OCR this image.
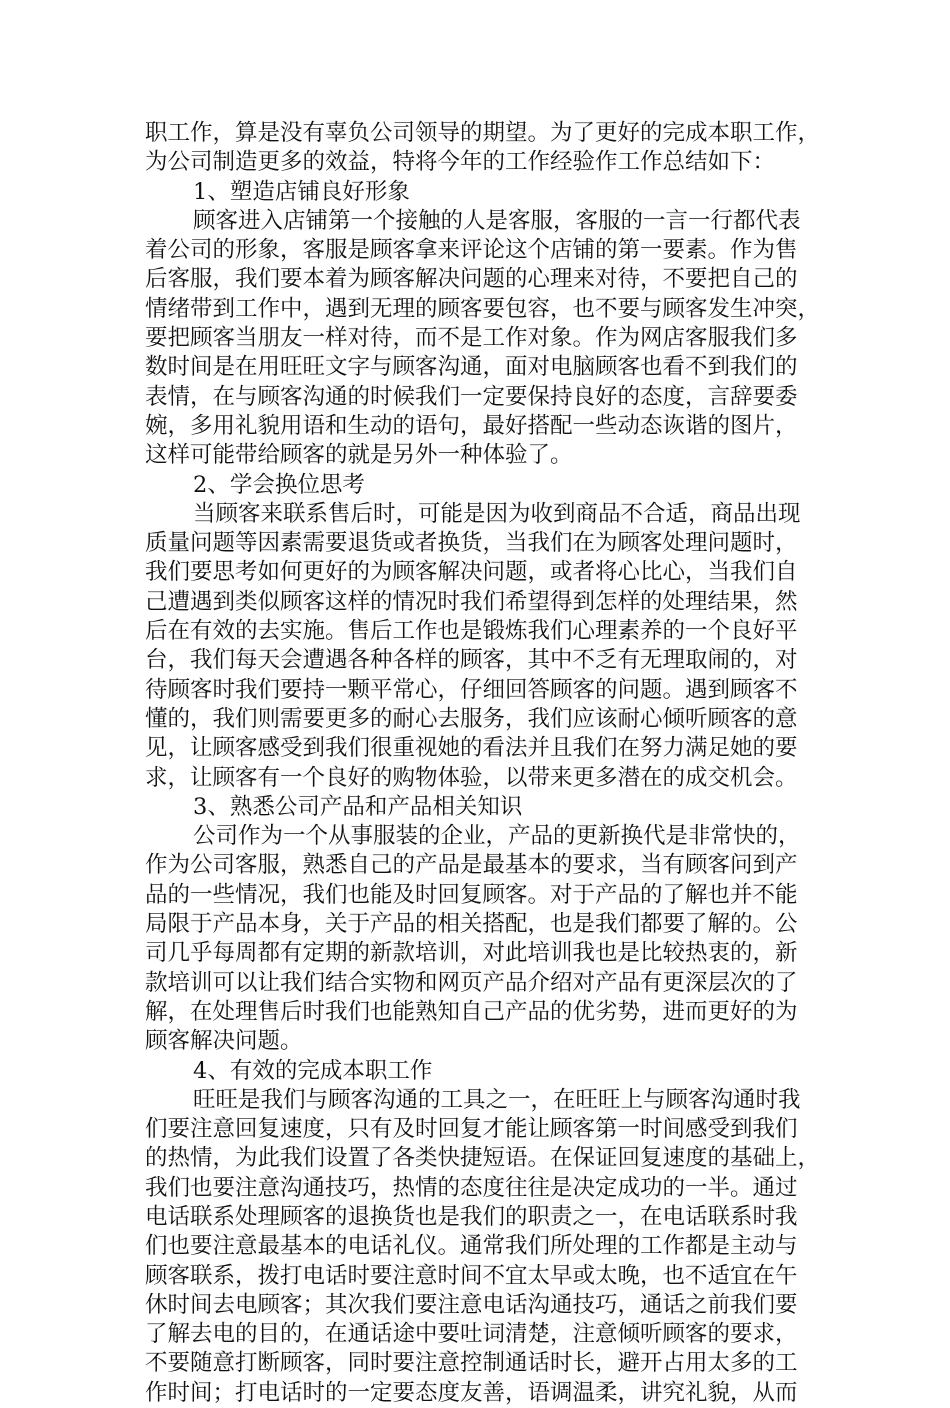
职工作，算是没有辜负公司领导的期望。为了更好的完成本职工作，
为公司制造更多的效益，特将今年的工作经验作工作总结如下：
1、塑造店铺良好形象
顾客进入店铺第一个接触的人是客服，客服的一言一行都代表
着公司的形象，客服是顾客拿来评论这个店铺的第一要素。作为售
后客服，我们要本着为顾客解决问题的心理来对待，不要把自己的
情绪带到工作中，遇到无理的顾客要包容，也不要与顾客发生冲突，
要把顾客当朋友一样对待，而不是工作对象。作为网店客服我们多
数时间是在用旺旺文字与顾客沟通，面对电脑顾客也看不到我们的
表情，在与顾客沟通的时候我们一定要保持良好的态度，言辞要委
婉，多用礼貌用语和生动的语句，最好搭配一些动态诙谐的图片，
这样可能带给顾客的就是另外一种体验了。
2、学会换位思考
当顾客来联系售后时，可能是因为收到商品不合适，商品出现
质量问题等因素需要退货或者换货，当我们在为顾客处理问题时，
我们要思考如何更好的为顾客解决问题，或者将心比心，当我们自
己遭遇到类似顾客这样的情况时我们希望得到怎样的处理结果，然
后在有效的去实施。售后工作也是锻炼我们心理素养的一个良好平
台，我们每天会遭遇各种各样的顾客，其中不乏有无理取闹的，对
待顾客时我们要持一颗平常心，仔细回答顾客的问题。遇到顾客不
懂的，我们则需要更多的耐心去服务，我们应该耐心倾听顾客的意
见，让顾客感受到我们很重视她的看法并且我们在努力满足她的要
求，让顾客有一个良好的购物体验，以带来更多潜在的成交机会。
3、熟悉公司产品和产品相关知识
公司作为一个从事服装的企业，产品的更新换代是非常快的，
作为公司客服，熟悉自己的产品是最基本的要求，当有顾客问到产
品的一些情况，我们也能及时回复顾客。对于产品的了解也并不能
局限于产品本身，关于产品的相关搭配，也是我们都要了解的。公
司几乎每周都有定期的新款培训，对此培训我也是比较热衷的，新
款培训可以让我们结合实物和网页产品介绍对产品有更深层次的了
解，在处理售后时我们也能熟知自己产品的优劣势，进而更好的为
顾客解决问题。
4、有效的完成本职工作
旺旺是我们与顾客沟通的工具之一，在旺旺上与顾客沟通时我
们要注意回复速度，只有及时回复才能让顾客第一时间感受到我们
的热情，为此我们设置了各类快捷短语。在保证回复速度的基础上，
我们也要注意沟通技巧，热情的态度往往是决定成功的一半。通过
电话联系处理顾客的退换货也是我们的职责之一，在电话联系时我
们也要注意最基本的电话礼仪。通常我们所处理的工作都是主动与
顾客联系，拨打电话时要注意时间不宜太早或太晚，也不适宜在午
休时间去电顾客；其次我们要注意电话沟通技巧，通话之前我们要
了解去电的目的，在通话途中要吐词清楚，注意倾听顾客的要求，
不要随意打断顾客，同时要注意控制通话时长，避开占用太多的工
作时间；打电话时的一定要态度友善，语调温柔，讲究礼貌，从而
